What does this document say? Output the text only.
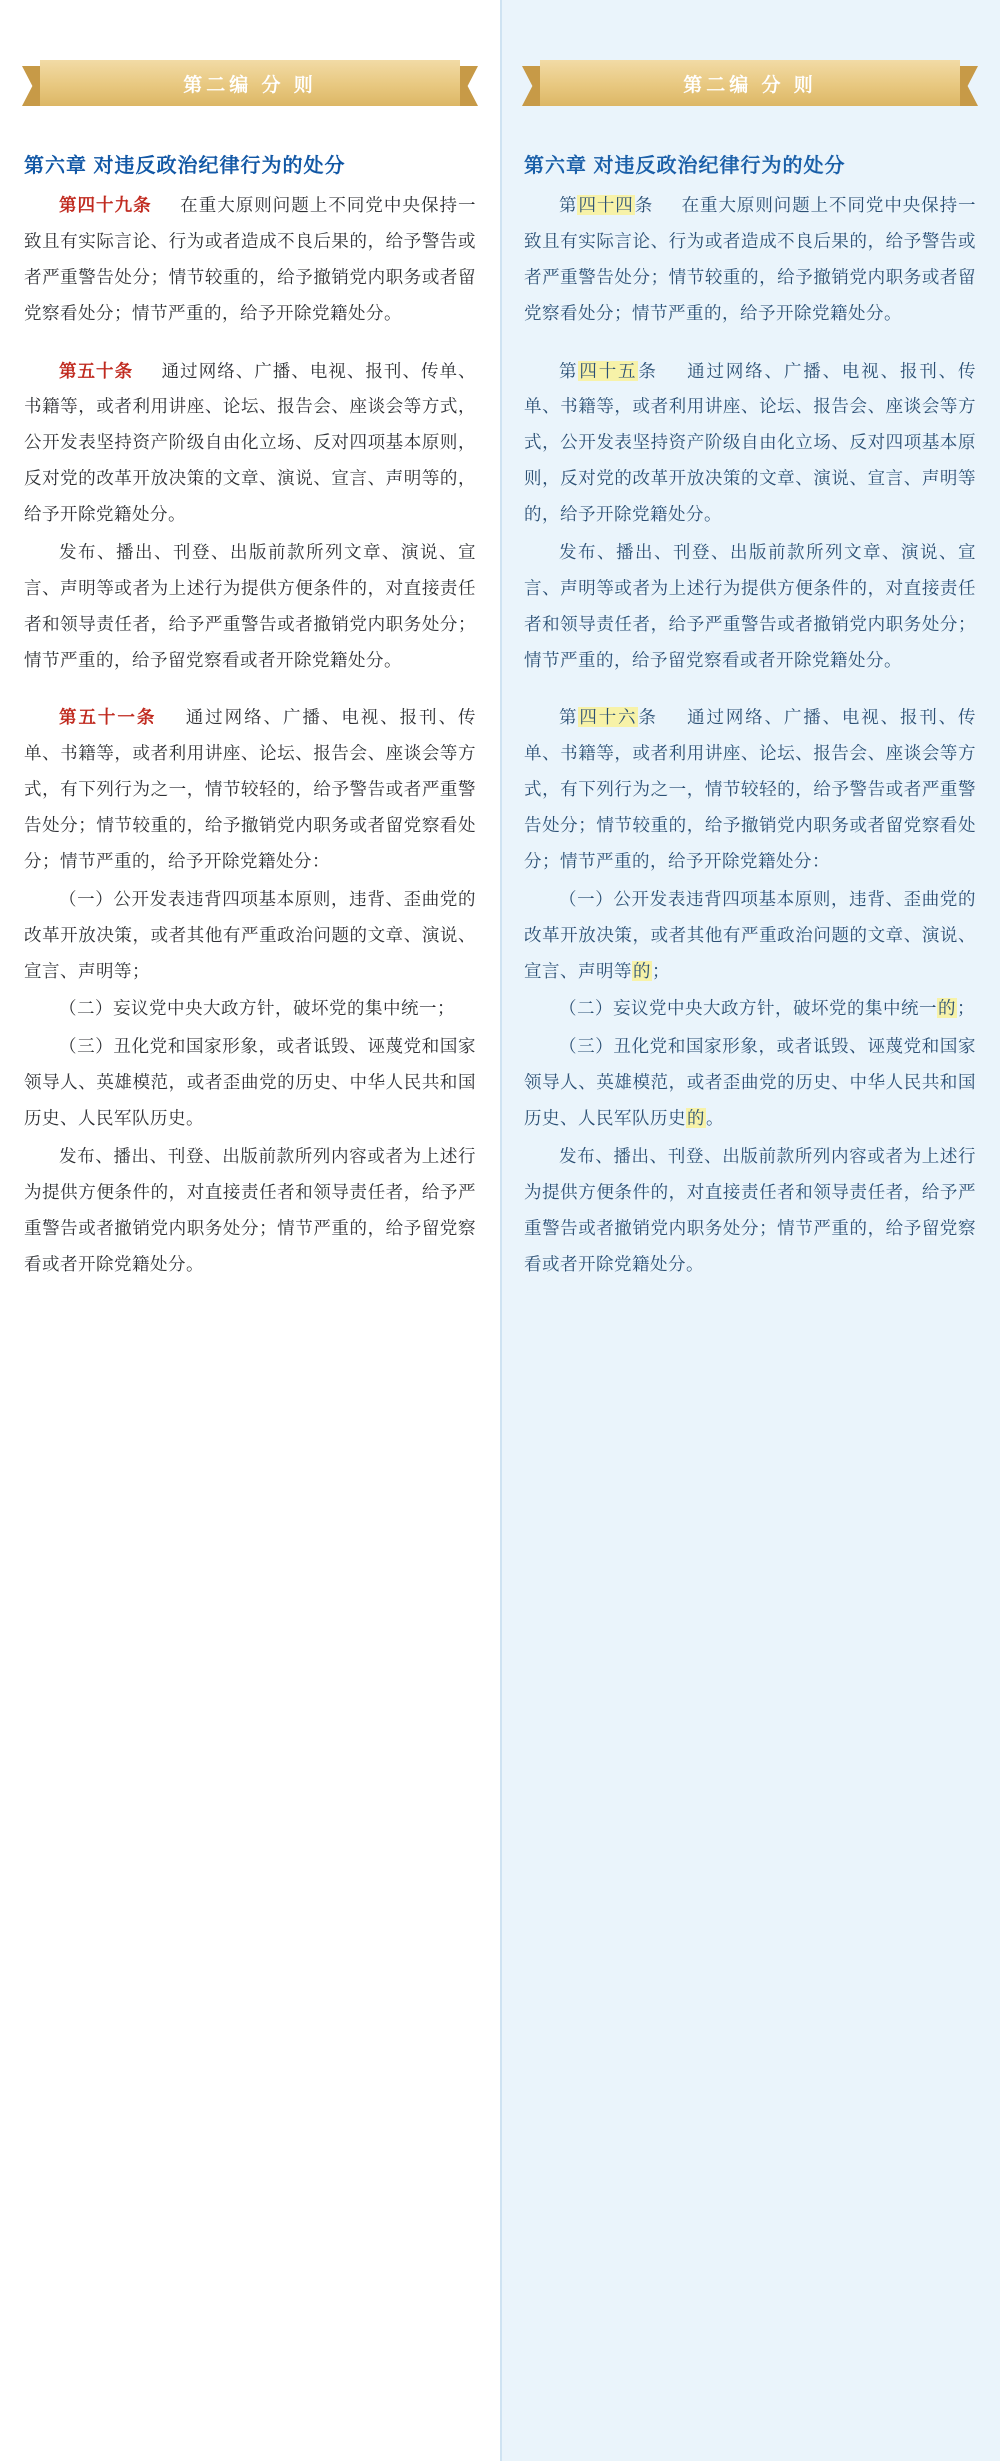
第二编 分 则
第六章 对违反政治纪律行为的处分

第四十九条 在重大原则问题上不同党中央保持一致且有实际言论、行为或者造成不良后果的，给予警告或者严重警告处分；情节较重的，给予撤销党内职务或者留党察看处分；情节严重的，给予开除党籍处分。

第五十条 通过网络、广播、电视、报刊、传单、书籍等，或者利用讲座、论坛、报告会、座谈会等方式，公开发表坚持资产阶级自由化立场、反对四项基本原则，反对党的改革开放决策的文章、演说、宣言、声明等的，给予开除党籍处分。

发布、播出、刊登、出版前款所列文章、演说、宣言、声明等或者为上述行为提供方便条件的，对直接责任者和领导责任者，给予严重警告或者撤销党内职务处分；情节严重的，给予留党察看或者开除党籍处分。

第五十一条 通过网络、广播、电视、报刊、传单、书籍等，或者利用讲座、论坛、报告会、座谈会等方式，有下列行为之一，情节较轻的，给予警告或者严重警告处分；情节较重的，给予撤销党内职务或者留党察看处分；情节严重的，给予开除党籍处分：

（一）公开发表违背四项基本原则，违背、歪曲党的改革开放决策，或者其他有严重政治问题的文章、演说、宣言、声明等；

（二）妄议党中央大政方针，破坏党的集中统一；

（三）丑化党和国家形象，或者诋毁、诬蔑党和国家领导人、英雄模范，或者歪曲党的历史、中华人民共和国历史、人民军队历史。

发布、播出、刊登、出版前款所列内容或者为上述行为提供方便条件的，对直接责任者和领导责任者，给予严重警告或者撤销党内职务处分；情节严重的，给予留党察看或者开除党籍处分。

第二编 分 则
第六章 对违反政治纪律行为的处分

第四十四条 在重大原则问题上不同党中央保持一致且有实际言论、行为或者造成不良后果的，给予警告或者严重警告处分；情节较重的，给予撤销党内职务或者留党察看处分；情节严重的，给予开除党籍处分。

第四十五条 通过网络、广播、电视、报刊、传单、书籍等，或者利用讲座、论坛、报告会、座谈会等方式，公开发表坚持资产阶级自由化立场、反对四项基本原则，反对党的改革开放决策的文章、演说、宣言、声明等的，给予开除党籍处分。

发布、播出、刊登、出版前款所列文章、演说、宣言、声明等或者为上述行为提供方便条件的，对直接责任者和领导责任者，给予严重警告或者撤销党内职务处分；情节严重的，给予留党察看或者开除党籍处分。

第四十六条 通过网络、广播、电视、报刊、传单、书籍等，或者利用讲座、论坛、报告会、座谈会等方式，有下列行为之一，情节较轻的，给予警告或者严重警告处分；情节较重的，给予撤销党内职务或者留党察看处分；情节严重的，给予开除党籍处分：

（一）公开发表违背四项基本原则，违背、歪曲党的改革开放决策，或者其他有严重政治问题的文章、演说、宣言、声明等的；

（二）妄议党中央大政方针，破坏党的集中统一的；

（三）丑化党和国家形象，或者诋毁、诬蔑党和国家领导人、英雄模范，或者歪曲党的历史、中华人民共和国历史、人民军队历史的。

发布、播出、刊登、出版前款所列内容或者为上述行为提供方便条件的，对直接责任者和领导责任者，给予严重警告或者撤销党内职务处分；情节严重的，给予留党察看或者开除党籍处分。
